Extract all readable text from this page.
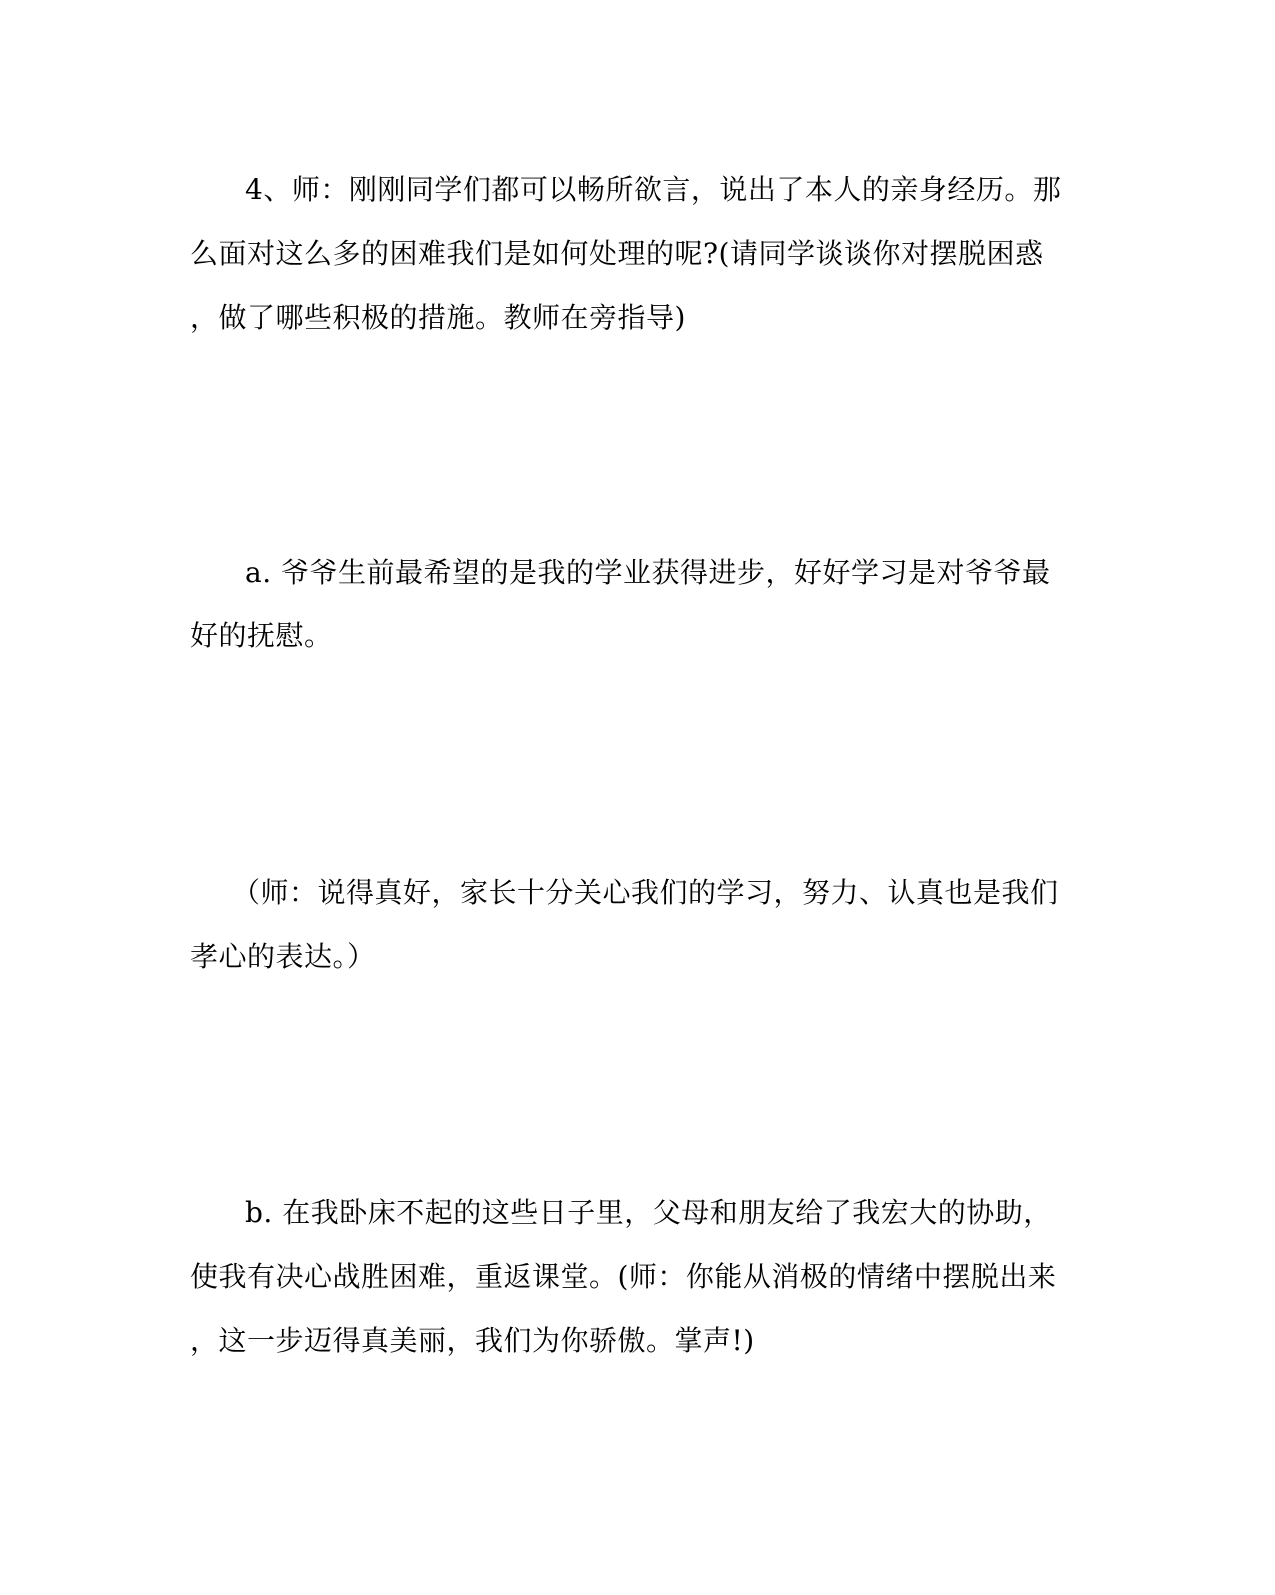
4、师：刚刚同学们都可以畅所欲言，说出了本人的亲身经历。那
么面对这么多的困难我们是如何处理的呢?(请同学谈谈你对摆脱困惑
，做了哪些积极的措施。教师在旁指导)
a. 爷爷生前最希望的是我的学业获得进步，好好学习是对爷爷最
好的抚慰。
（师：说得真好，家长十分关心我们的学习，努力、认真也是我们
孝心的表达。）
b. 在我卧床不起的这些日子里，父母和朋友给了我宏大的协助，
使我有决心战胜困难，重返课堂。(师：你能从消极的情绪中摆脱出来
，这一步迈得真美丽，我们为你骄傲。掌声!)
